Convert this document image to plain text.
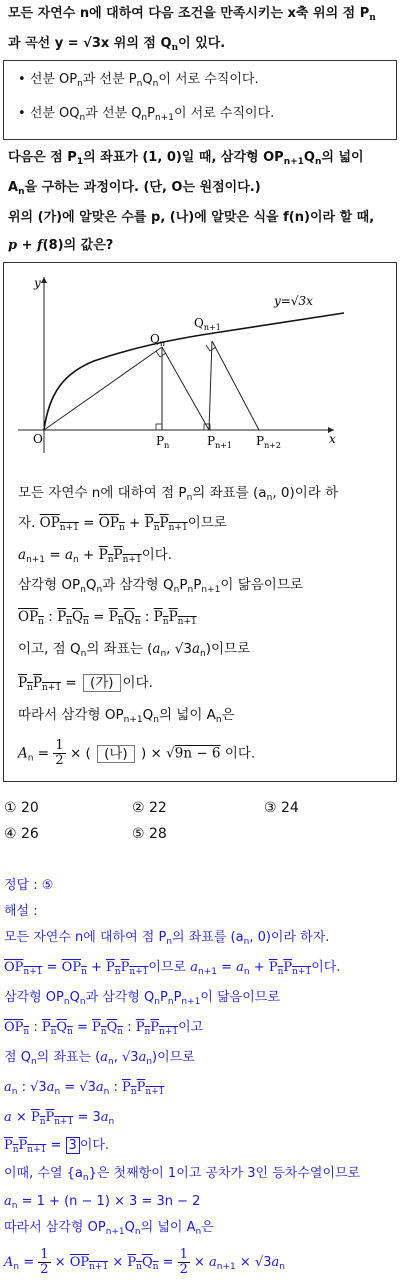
모든 자연수 n에 대하여 다음 조건을 만족시키는 x축 위의 점 $P_n$
과 곡선 y = √3x 위의 점 $Q_n$이 있다.
• 선분 $OP_n$과 선분 $P_nQ_n$이 서로 수직이다.
• 선분 $OQ_n$과 선분 $Q_nP_{n+1}$이 서로 수직이다.
다음은 점 $P_1$의 좌표가 (1, 0)일 때, 삼각형 $OP_{n+1}Q_n$의 넓이
$A_n$을 구하는 과정이다. (단, O는 원점이다.)
위의 (가)에 알맞은 수를 p, (나)에 알맞은 식을 f(n)이라 할 때,
p + f(8)의 값은?
x
y
O
y=√3x
$Q_n$
$Q_{n+1}$
$P_n$	$P_{n+1}$ $P_{n+2}$
모든 자연수 n에 대하여 점 $P_n$의 좌표를 ($a_n$, 0)이라 하
자. $OP_{n+1} = OP_n + P_nP_{n+1}$이므로
$a_{n+1} = a_n + P_nP_{n+1}$이다.
삼각형 $OP_nQ_n$과 삼각형 $Q_nP_nP_{n+1}$이 닮음이므로
$OP_n$ : $P_nQ_n = P_nQ_n$ : $P_nP_{n+1}$
이고, 점 $Q_n$의 좌표는 ($a_n$, $√3a_n$)이므로
$P_nP_{n+1}$ = (가) 이다.
따라서 삼각형 $OP_{n+1}Q_n$의 넓이 $A_n$은
$A_n = \frac{1}{2}$ × ( (나) ) × √9n − 6 이다.
① 20	② 22	③ 24
④ 26	⑤ 28
정답 : ⑤
해설 :
모든 자연수 n에 대하여 점 $P_n$의 좌표를 ($a_n$, 0)이라 하자.
$OP_{n+1} = OP_n + P_nP_{n+1}$이므로 $a_{n+1} = a_n + P_nP_{n+1}$이다.
삼각형 $OP_nQ_n$과 삼각형 $Q_nP_nP_{n+1}$이 닮음이므로
$OP_n$ : $P_nQ_n = P_nQ_n$ : $P_nP_{n+1}$이고
점 $Q_n$의 좌표는 ($a_n$, $√3a_n$)이므로
$a_n$ : $√3a_n = √3a_n$ : $P_nP_{n+1}$
$a \times P_nP_{n+1} = 3a_n$
$P_nP_{n+1} = 3$ 이다.
이때, 수열 $\{a_n\}$은 첫째항이 1이고 공차가 3인 등차수열이므로
$a_n = 1 + (n - 1) \times 3 = 3n - 2$
따라서 삼각형 $OP_{n+1}Q_n$의 넓이 $A_n$은
$A_n = \frac{1}{2} \times OP_{n+1} \times P_nQ_n = \frac{1}{2} \times a_{n+1} \times √3a_n$
